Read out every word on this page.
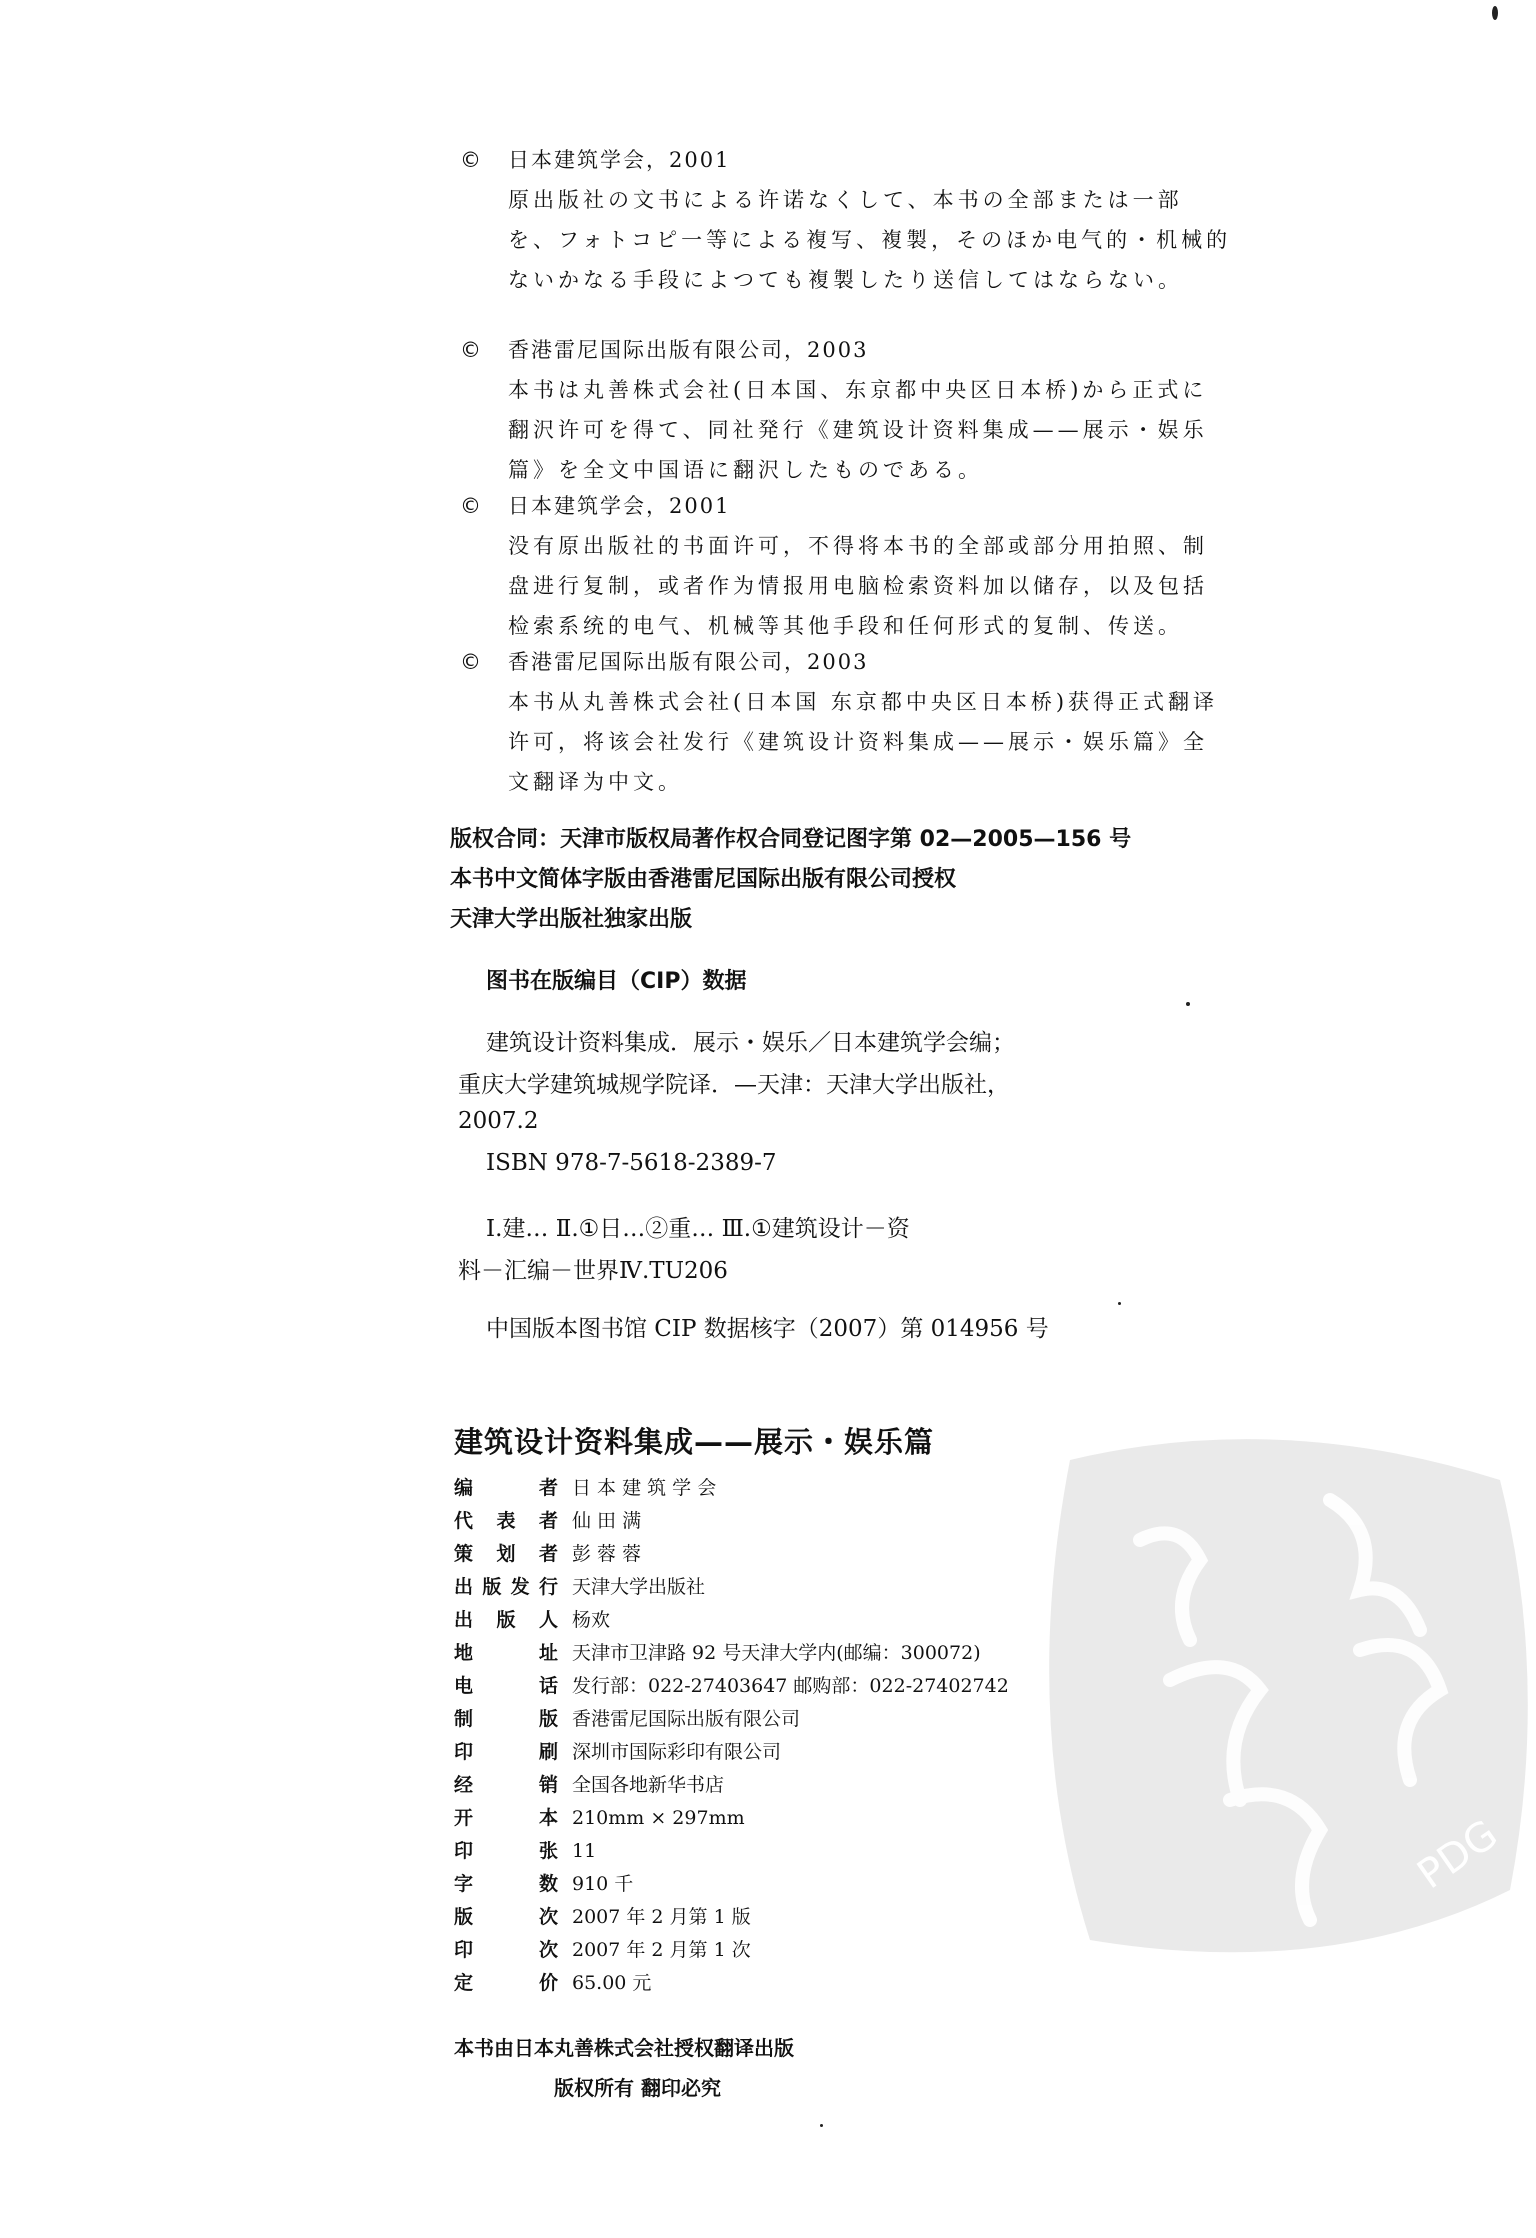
© 日本建筑学会，2001
原出版社の文书による许诺なくして、本书の全部または一部
を、フォトコピ一等による複写、複製，そのほか电气的・机械的
ないかなる手段によつても複製したり送信してはならない。
© 香港雷尼国际出版有限公司，2003
本书は丸善株式会社(日本国、东京都中央区日本桥)から正式に
翻沢许可を得て、同社発行《建筑设计资料集成——展示・娱乐
篇》を全文中国语に翻沢したものである。
© 日本建筑学会，2001
没有原出版社的书面许可，不得将本书的全部或部分用拍照、制
盘进行复制，或者作为情报用电脑检索资料加以储存，以及包括
检索系统的电气、机械等其他手段和任何形式的复制、传送。
© 香港雷尼国际出版有限公司，2003
本书从丸善株式会社(日本国 东京都中央区日本桥)获得正式翻译
许可，将该会社发行《建筑设计资料集成——展示・娱乐篇》全
文翻译为中文。
版权合同：天津市版权局著作权合同登记图字第 02—2005—156 号
本书中文简体字版由香港雷尼国际出版有限公司授权
天津大学出版社独家出版
图书在版编目（CIP）数据
建筑设计资料集成．展示・娱乐／日本建筑学会编；
重庆大学建筑城规学院译．—天津：天津大学出版社，
2007.2
ISBN 978-7-5618-2389-7
Ⅰ.建… Ⅱ.①日…②重… Ⅲ.①建筑设计－资
料－汇编－世界Ⅳ.TU206
中国版本图书馆 CIP 数据核字（2007）第 014956 号
建筑设计资料集成——展示・娱乐篇
编	者 日 本 建 筑 学 会
代 表 者 仙 田 满
策 划 者 彭 蓉 蓉
出 版 发 行 天津大学出版社
出 版 人 杨欢
地	址 天津市卫津路 92 号天津大学内(邮编：300072)
电	话 发行部：022-27403647 邮购部：022-27402742
制	版 香港雷尼国际出版有限公司
印	刷 深圳市国际彩印有限公司
经	销 全国各地新华书店
开	本 210mm × 297mm
印	张 11
字	数 910 千
版	次 2007 年 2 月第 1 版
印	次 2007 年 2 月第 1 次
定	价 65.00 元
本书由日本丸善株式会社授权翻译出版
版权所有 翻印必究
PDG
